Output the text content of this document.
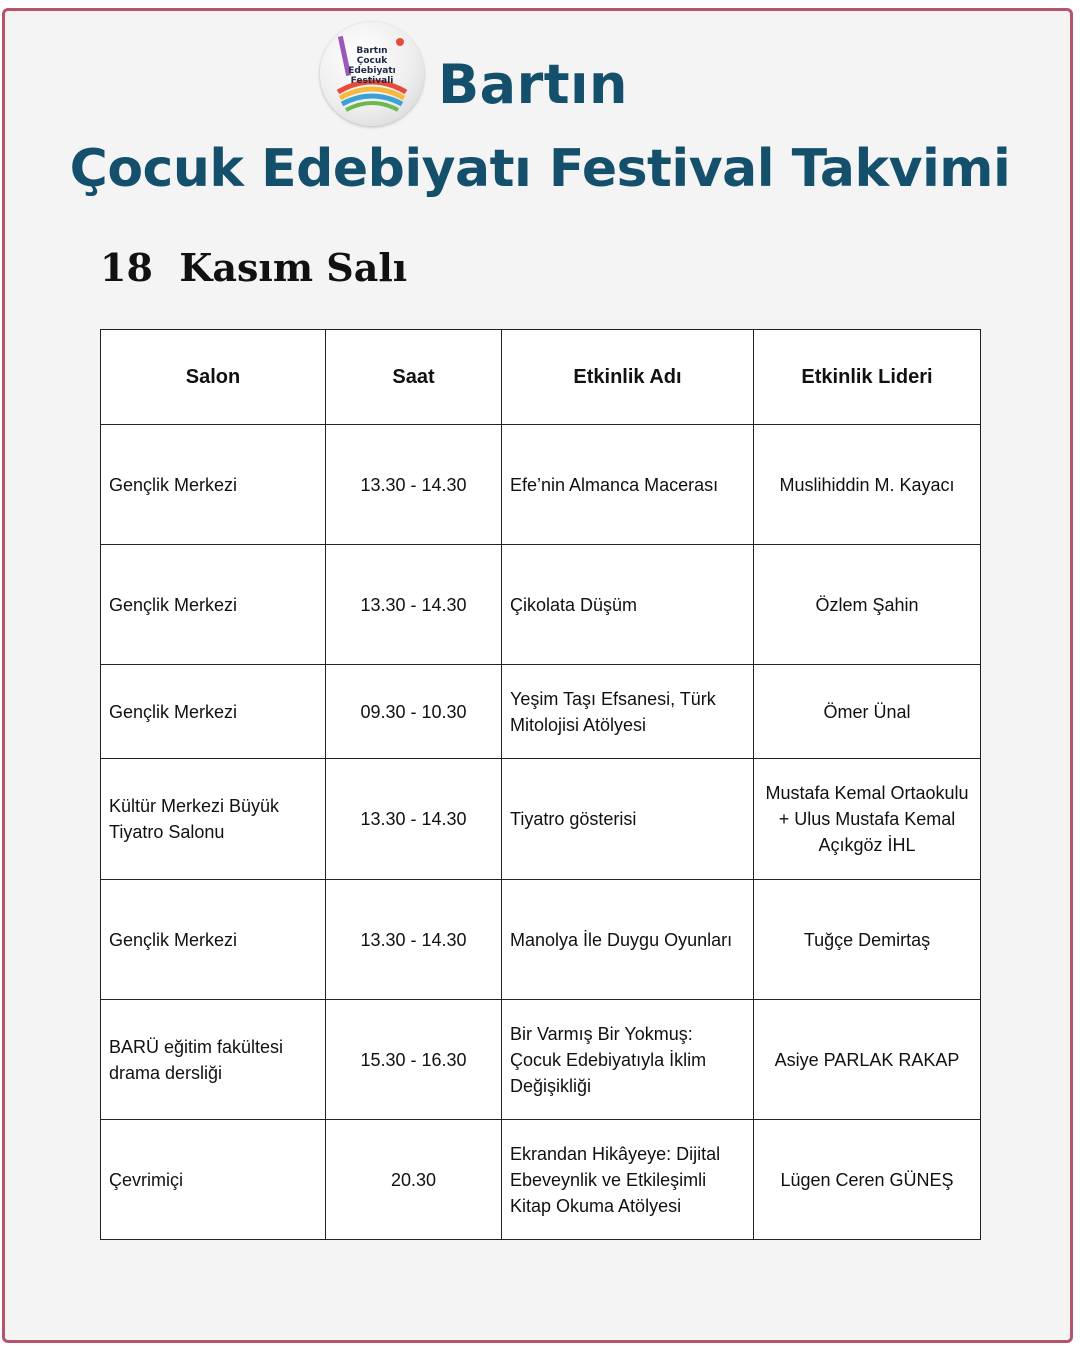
Bartın
Çocuk
Edebiyatı
Festivali Bartın
Çocuk Edebiyatı Festival Takvimi
18  Kasım Salı
Salon	Saat	Etkinlik Adı	Etkinlik Lideri
Gençlik Merkezi	13.30 - 14.30	Efe’nin Almanca Macerası	Muslihiddin M. Kayacı
Gençlik Merkezi	13.30 - 14.30	Çikolata Düşüm	Özlem Şahin
Gençlik Merkezi	09.30 - 10.30	Yeşim Taşı Efsanesi, Türk Mitolojisi Atölyesi	Ömer Ünal
Kültür Merkezi Büyük Tiyatro Salonu	13.30 - 14.30	Tiyatro gösterisi	Mustafa Kemal Ortaokulu + Ulus Mustafa Kemal Açıkgöz İHL
Gençlik Merkezi	13.30 - 14.30	Manolya İle Duygu Oyunları	Tuğçe Demirtaş
BARÜ eğitim fakültesi drama dersliği	15.30 - 16.30	Bir Varmış Bir Yokmuş: Çocuk Edebiyatıyla İklim Değişikliği	Asiye PARLAK RAKAP
Çevrimiçi	20.30	Ekrandan Hikâyeye: Dijital Ebeveynlik ve Etkileşimli Kitap Okuma Atölyesi	Lügen Ceren GÜNEŞ
